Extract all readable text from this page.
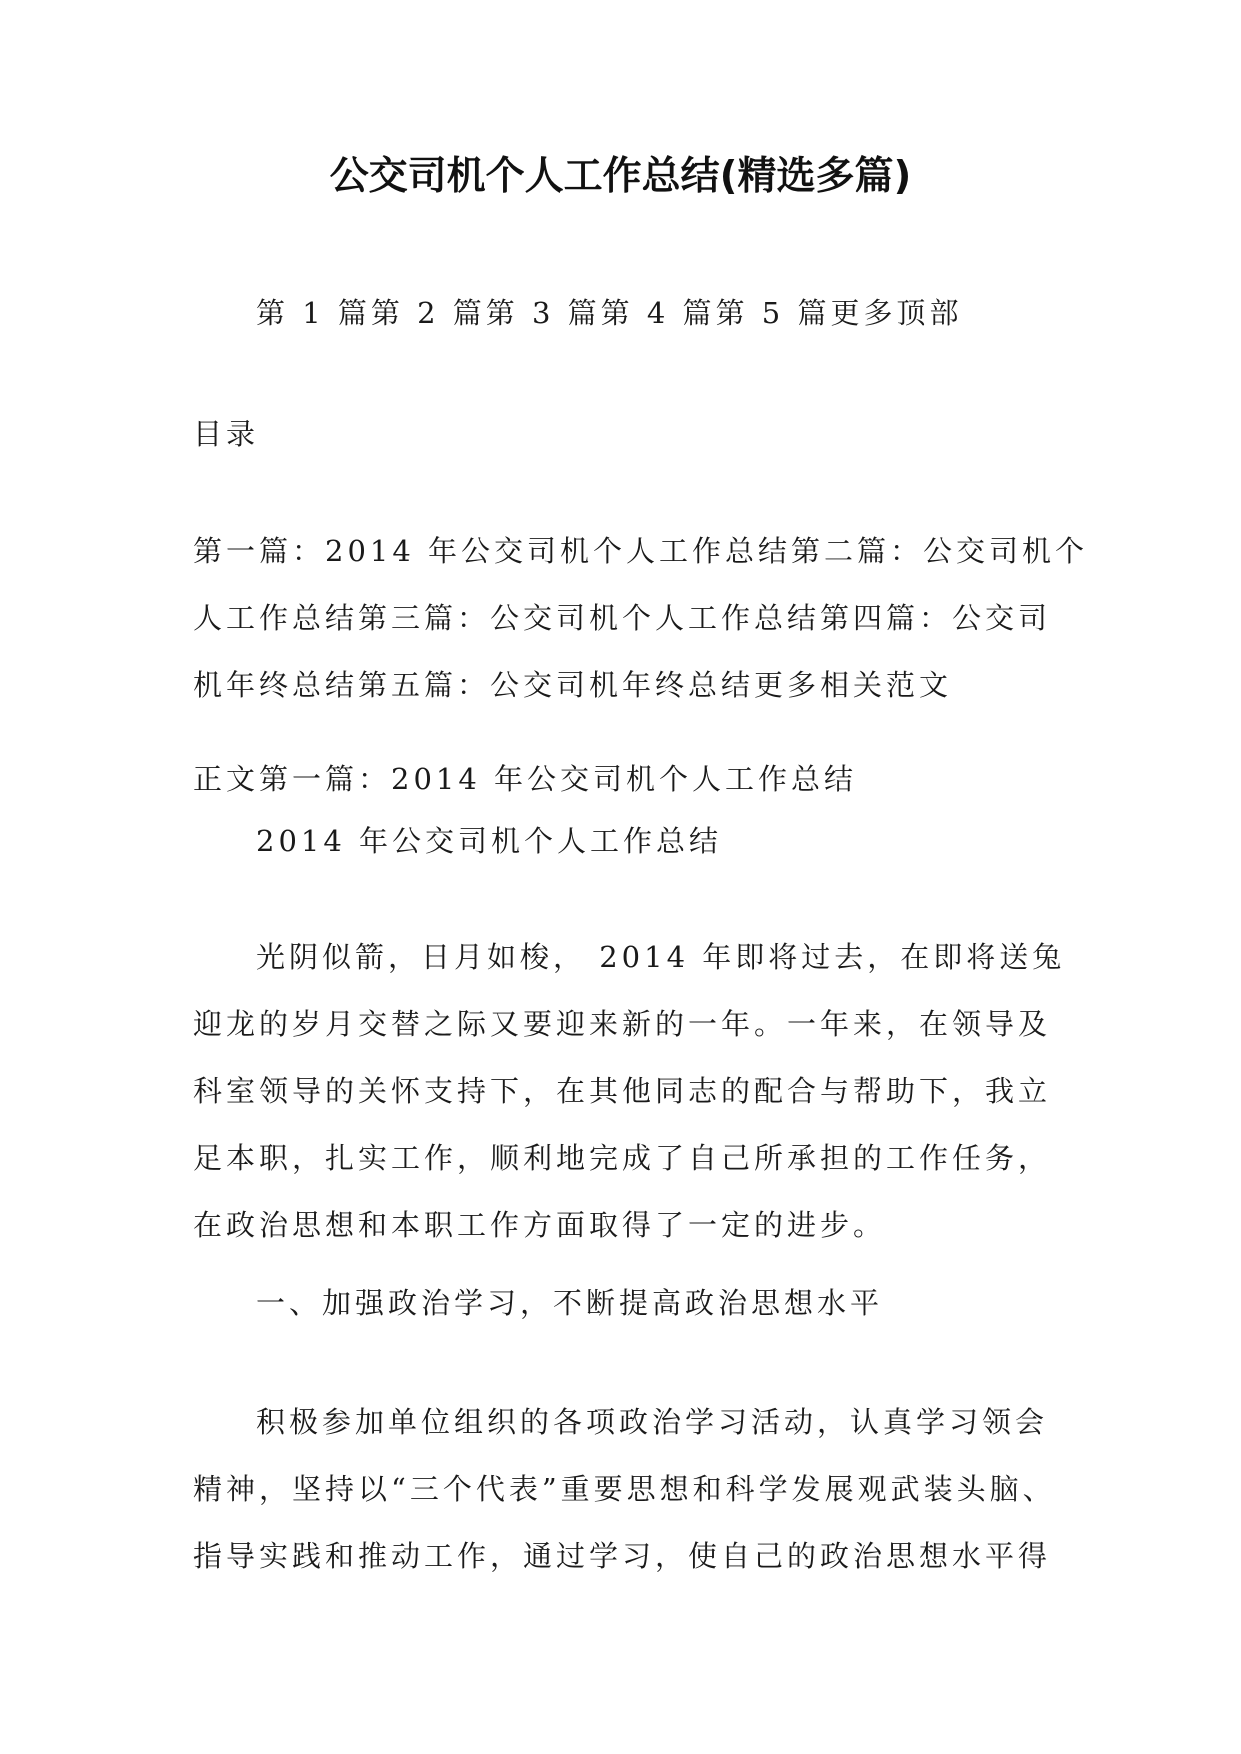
公交司机个人工作总结(精选多篇)
第 1 篇第 2 篇第 3 篇第 4 篇第 5 篇更多顶部
目录
第一篇：2014 年公交司机个人工作总结第二篇：公交司机个
人工作总结第三篇：公交司机个人工作总结第四篇：公交司
机年终总结第五篇：公交司机年终总结更多相关范文
正文第一篇：2014 年公交司机个人工作总结
2014 年公交司机个人工作总结
光阴似箭，日月如梭， 2014 年即将过去，在即将送兔
迎龙的岁月交替之际又要迎来新的一年。一年来，在领导及
科室领导的关怀支持下，在其他同志的配合与帮助下，我立
足本职，扎实工作，顺利地完成了自己所承担的工作任务，
在政治思想和本职工作方面取得了一定的进步。
一、加强政治学习，不断提高政治思想水平
积极参加单位组织的各项政治学习活动，认真学习领会
精神，坚持以“三个代表”重要思想和科学发展观武装头脑、
指导实践和推动工作，通过学习，使自己的政治思想水平得
